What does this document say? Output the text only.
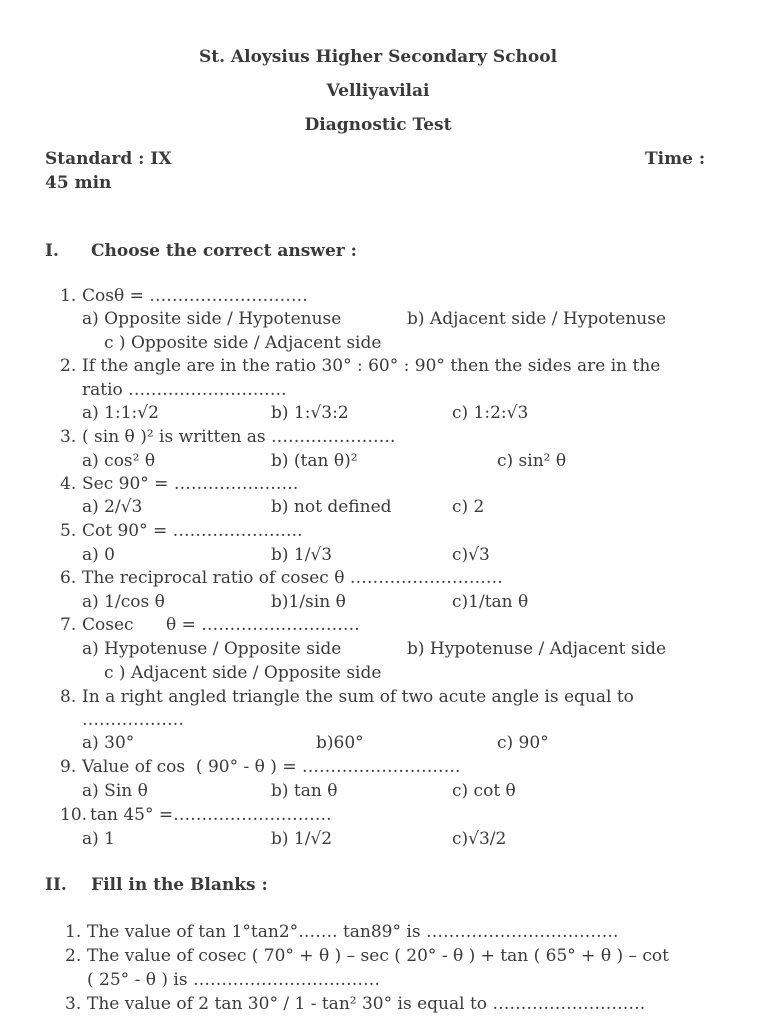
St. Aloysius Higher Secondary School
Velliyavilai
Diagnostic Test
Standard : IX	Time :
45 min
I. Choose the correct answer :
1. Cosθ = ……………………….
a) Opposite side / Hypotenuse	b) Adjacent side / Hypotenuse
c ) Opposite side / Adjacent side
2. If the angle are in the ratio 30° : 60° : 90° then the sides are in the
ratio ……………………….
a) 1:1:√2	b) 1:√3:2	c) 1:2:√3
3. ( sin θ )² is written as ………………….
a) cos² θ	b) (tan θ)²	c) sin² θ
4. Sec 90° = ………………….
a) 2/√3	b) not defined	c) 2
5. Cot 90° = …………………..
a) 0	b) 1/√3	c)√3
6. The reciprocal ratio of cosec θ ………………………
a) 1/cos θ	b)1/sin θ	c)1/tan θ
7. Cosec      θ = ……………………….
a) Hypotenuse / Opposite side	b) Hypotenuse / Adjacent side
c ) Adjacent side / Opposite side
8. In a right angled triangle the sum of two acute angle is equal to
………………
a) 30°	b)60°	c) 90°
9. Value of cos  ( 90° - θ ) = ……………………….
a) Sin θ	b) tan θ	c) cot θ
10. tan 45° =……………………….
a) 1	b) 1/√2	c)√3/2
II. Fill in the Blanks :
1. The value of tan 1°tan2°……. tan89° is …………………………….
2. The value of cosec ( 70° + θ ) – sec ( 20° - θ ) + tan ( 65° + θ ) – cot
( 25° - θ ) is ……………………………
3. The value of 2 tan 30° / 1 - tan² 30° is equal to ………………………
